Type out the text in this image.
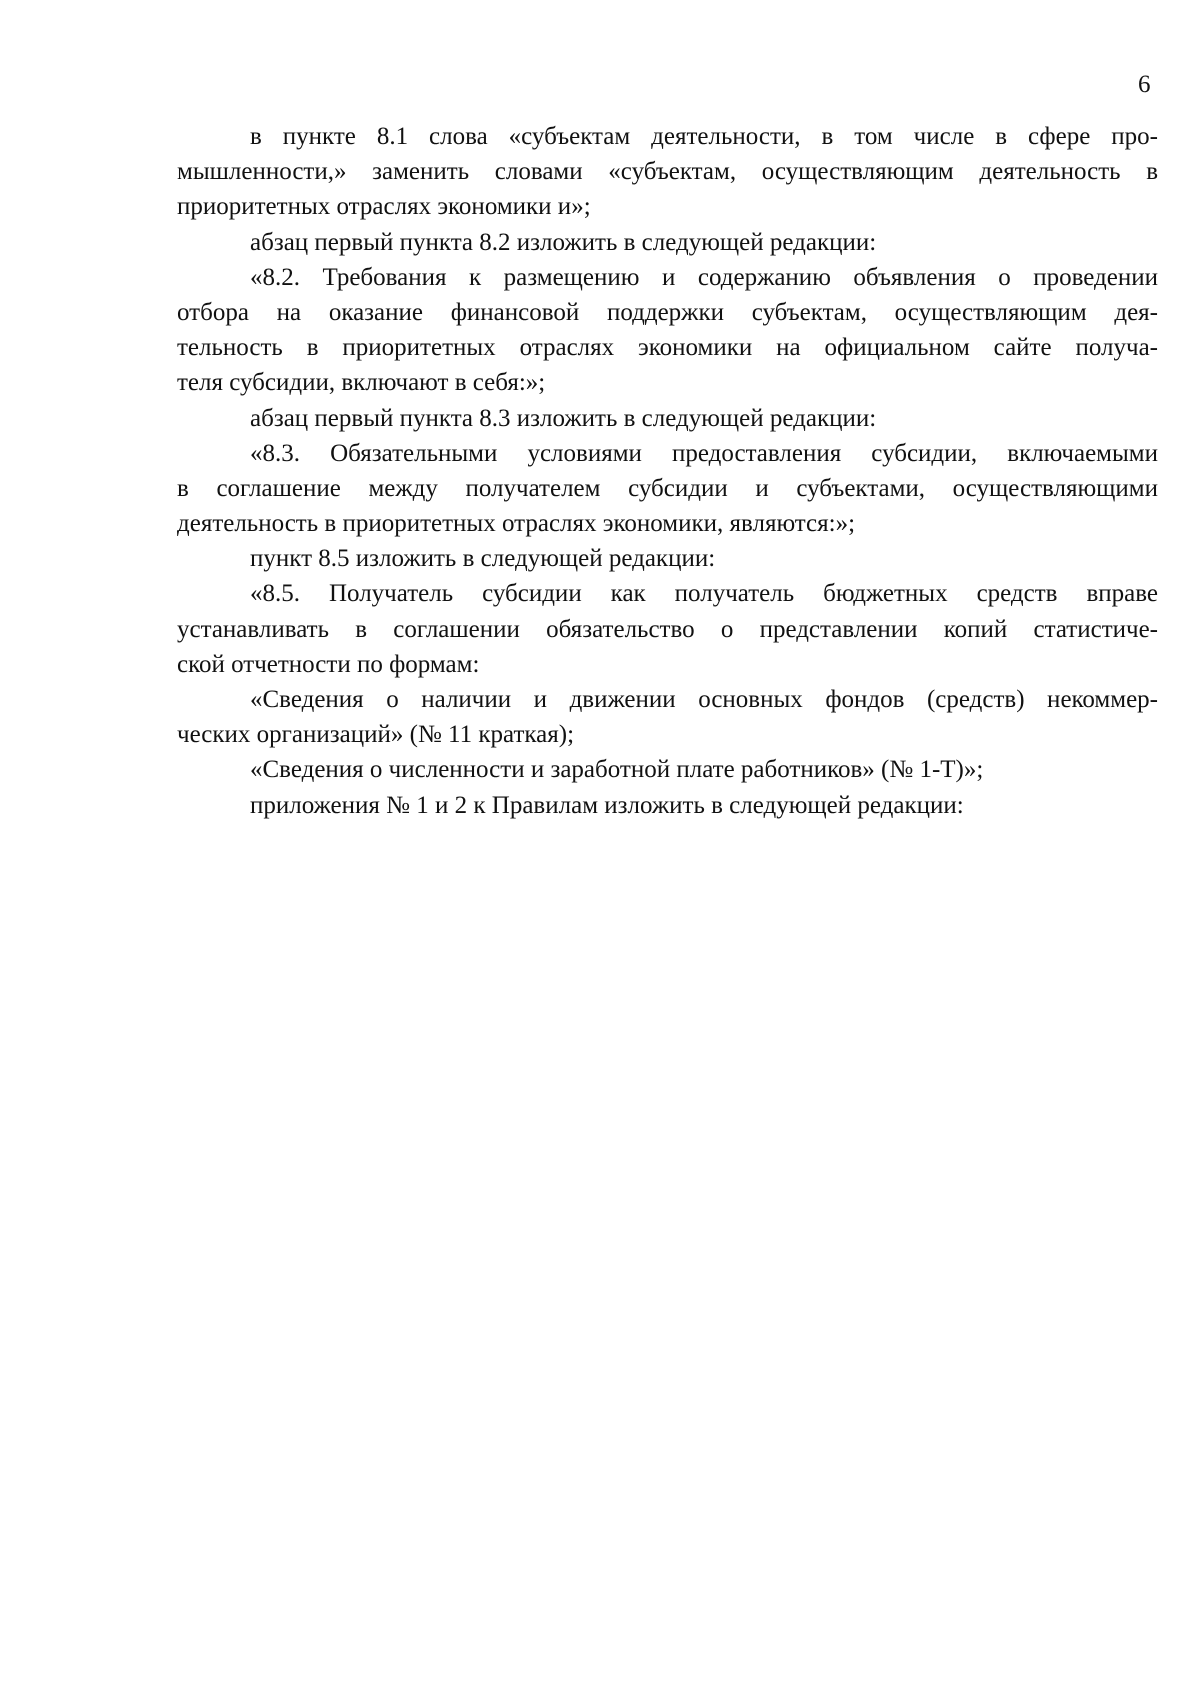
6
в пункте 8.1 слова «субъектам деятельности, в том числе в сфере про-
мышленности,» заменить словами «субъектам, осуществляющим деятельность в
приоритетных отраслях экономики и»;
абзац первый пункта 8.2 изложить в следующей редакции:
«8.2. Требования к размещению и содержанию объявления о проведении
отбора на оказание финансовой поддержки субъектам, осуществляющим дея-
тельность в приоритетных отраслях экономики на официальном сайте получа-
теля субсидии, включают в себя:»;
абзац первый пункта 8.3 изложить в следующей редакции:
«8.3. Обязательными условиями предоставления субсидии, включаемыми
в соглашение между получателем субсидии и субъектами, осуществляющими
деятельность в приоритетных отраслях экономики, являются:»;
пункт 8.5 изложить в следующей редакции:
«8.5. Получатель субсидии как получатель бюджетных средств вправе
устанавливать в соглашении обязательство о представлении копий статистиче-
ской отчетности по формам:
«Сведения о наличии и движении основных фондов (средств) некоммер-
ческих организаций» (№ 11 краткая);
«Сведения о численности и заработной плате работников» (№ 1-Т)»;
приложения № 1 и 2 к Правилам изложить в следующей редакции:
